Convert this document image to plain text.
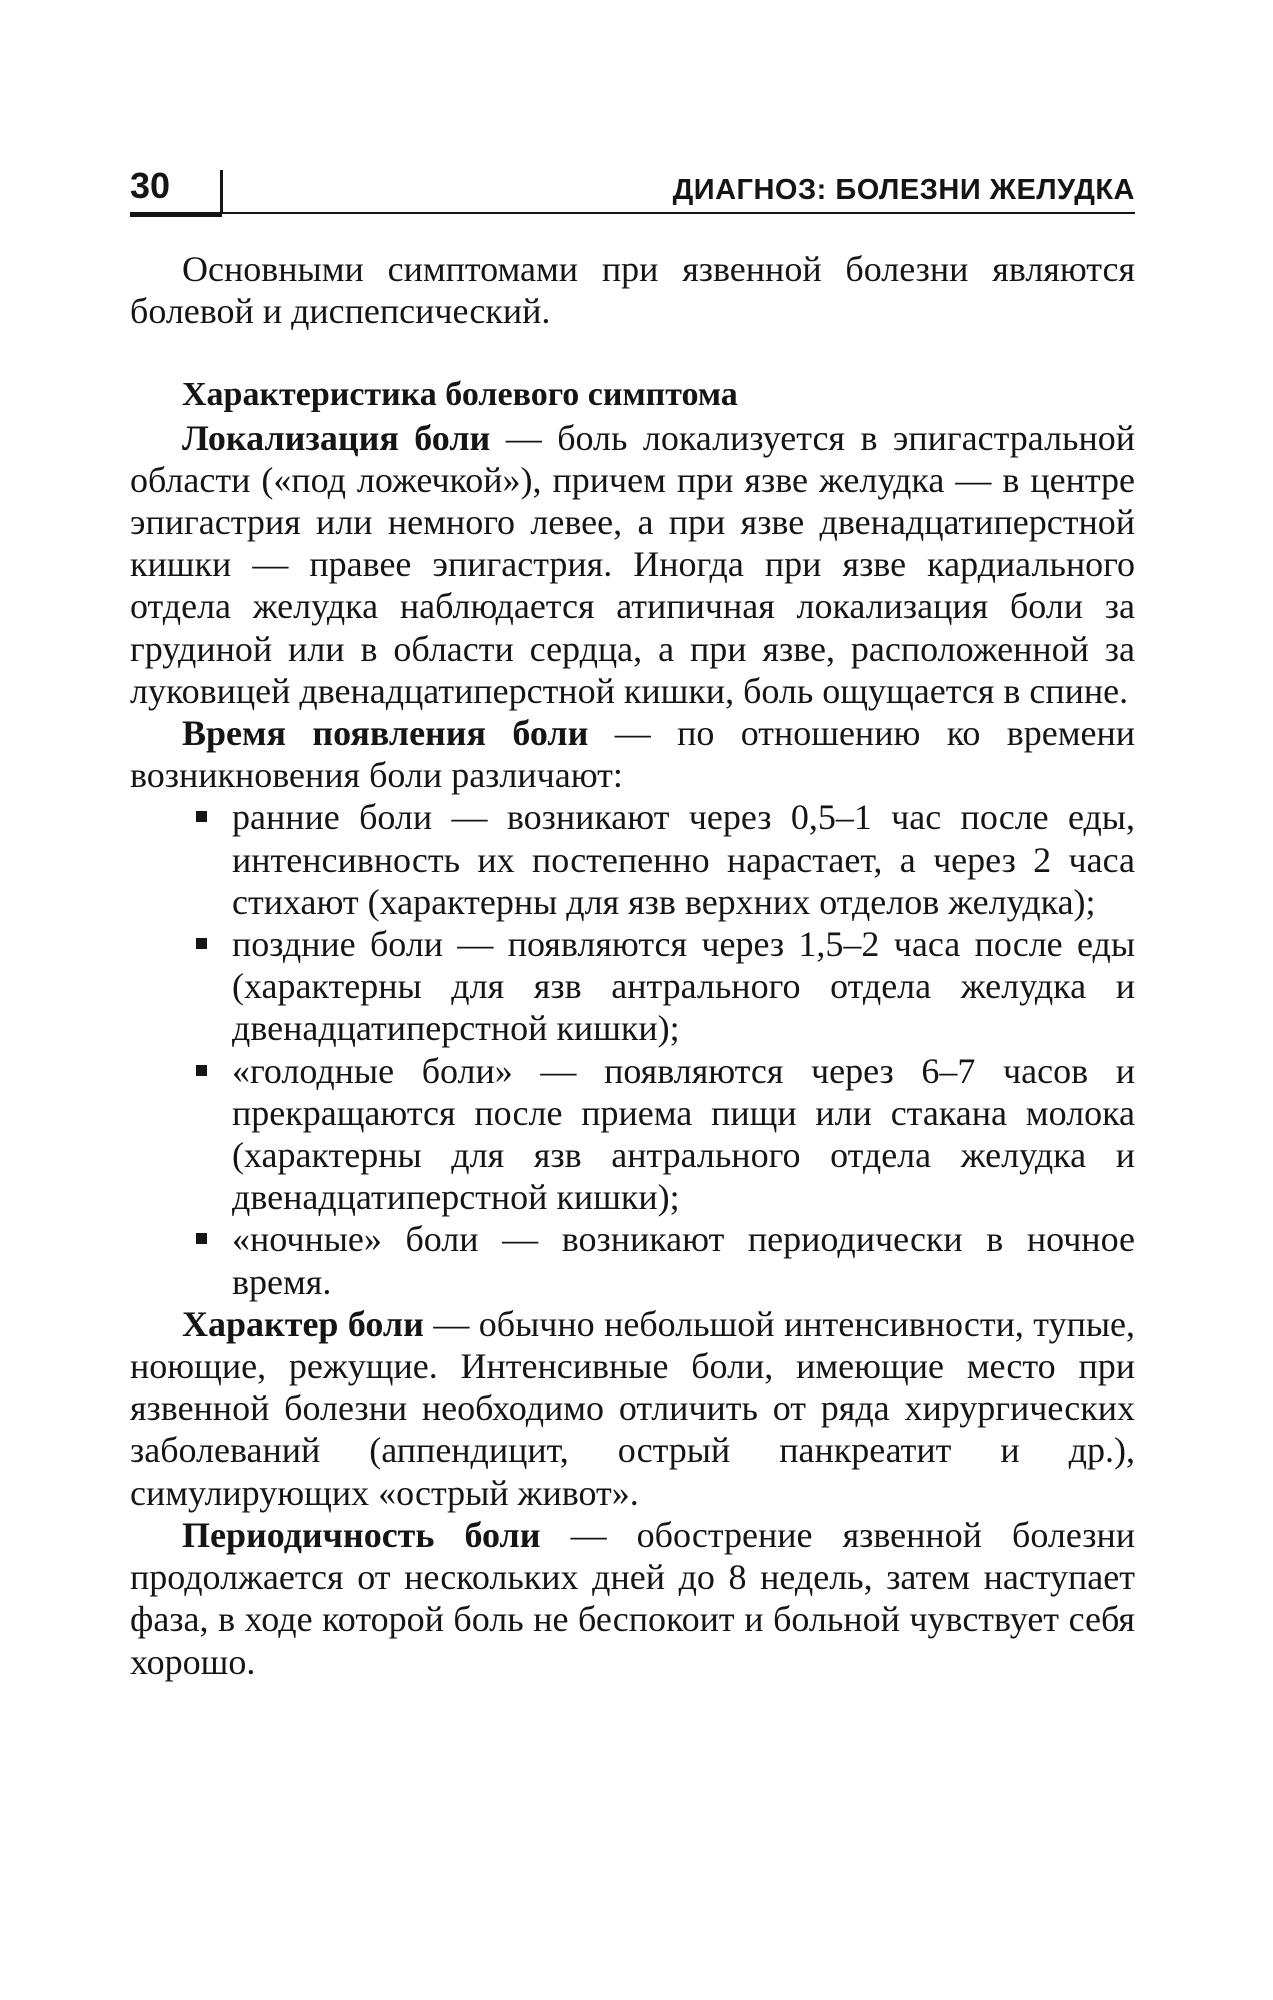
30	ДИАГНОЗ: БОЛЕЗНИ ЖЕЛУДКА

Основными симптомами при язвенной болезни являются болевой и диспепсический.

Характеристика болевого симптома

Локализация боли — боль локализуется в эпигастральной области («под ложечкой»), причем при язве желудка — в центре эпигастрия или немного левее, а при язве двенадцатиперстной кишки — правее эпигастрия. Иногда при язве кардиального отдела желудка наблюдается атипичная локализация боли за грудиной или в области сердца, а при язве, расположенной за луковицей двенадцатиперстной кишки, боль ощущается в спине.

Время появления боли — по отношению ко времени возникновения боли различают:

ранние боли — возникают через 0,5–1 час после еды, интенсивность их постепенно нарастает, а через 2 часа стихают (характерны для язв верхних отделов желудка);
поздние боли — появляются через 1,5–2 часа после еды (характерны для язв антрального отдела желудка и двенадцатиперстной кишки);
«голодные боли» — появляются через 6–7 часов и прекращаются после приема пищи или стакана молока (характерны для язв антрального отдела желудка и двенадцатиперстной кишки);
«ночные» боли — возникают периодически в ночное время.

Характер боли — обычно небольшой интенсивности, тупые, ноющие, режущие. Интенсивные боли, имеющие место при язвенной болезни необходимо отличить от ряда хирургических заболеваний (аппендицит, острый панкреатит и др.), симулирующих «острый живот».

Периодичность боли — обострение язвенной болезни продолжается от нескольких дней до 8 недель, затем наступает фаза, в ходе которой боль не беспокоит и больной чувствует себя хорошо.
